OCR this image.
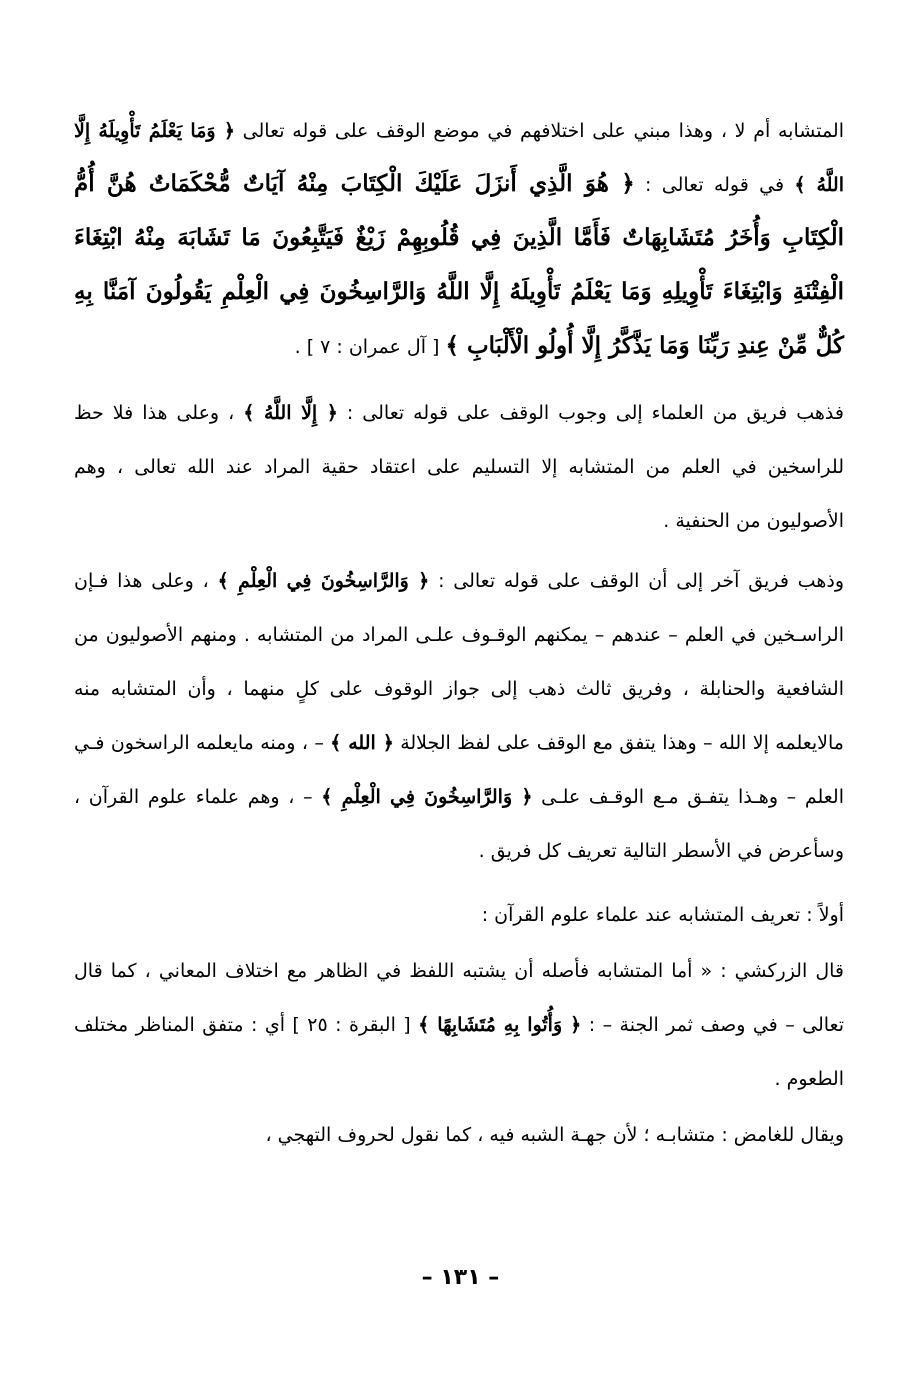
المتشابه أم لا ، وهذا مبني على اختلافهم في موضع الوقف على قوله تعالى ﴿ وَمَا يَعْلَمُ تَأْوِيلَهُ إِلَّا اللَّهُ ﴾ في قوله تعالى : ﴿ هُوَ الَّذِي أَنزَلَ عَلَيْكَ الْكِتَابَ مِنْهُ آيَاتٌ مُّحْكَمَاتٌ هُنَّ أُمُّ الْكِتَابِ وَأُخَرُ مُتَشَابِهَاتٌ فَأَمَّا الَّذِينَ فِي قُلُوبِهِمْ زَيْغٌ فَيَتَّبِعُونَ مَا تَشَابَهَ مِنْهُ ابْتِغَاءَ الْفِتْنَةِ وَابْتِغَاءَ تَأْوِيلِهِ وَمَا يَعْلَمُ تَأْوِيلَهُ إِلَّا اللَّهُ وَالرَّاسِخُونَ فِي الْعِلْمِ يَقُولُونَ آمَنَّا بِهِ كُلٌّ مِّنْ عِندِ رَبِّنَا وَمَا يَذَّكَّرُ إِلَّا أُولُو الْأَلْبَابِ ﴾ [ آل عمران : ٧ ] .

فذهب فريق من العلماء إلى وجوب الوقف على قوله تعالى : ﴿ إِلَّا اللَّهُ ﴾ ، وعلى هذا فلا حظ للراسخين في العلم من المتشابه إلا التسليم على اعتقاد حقية المراد عند الله تعالى ، وهم الأصوليون من الحنفية .

وذهب فريق آخر إلى أن الوقف على قوله تعالى : ﴿ وَالرَّاسِخُونَ فِي الْعِلْمِ ﴾ ، وعلى هذا فـإن الراسـخين في العلم – عندهم – يمكنهم الوقـوف علـى المراد من المتشابه . ومنهم الأصوليون من الشافعية والحنابلة ، وفريق ثالث ذهب إلى جواز الوقوف على كلٍ منهما ، وأن المتشابه منه مالايعلمه إلا الله – وهذا يتفق مع الوقف على لفظ الجلالة ﴿ الله ﴾ – ، ومنه مايعلمه الراسخون فـي العلم – وهـذا يتفـق مـع الوقـف علـى ﴿ وَالرَّاسِخُونَ فِي الْعِلْمِ ﴾ – ، وهم علماء علوم القرآن ، وسأعرض في الأسطر التالية تعريف كل فريق .

أولاً : تعريف المتشابه عند علماء علوم القرآن :

قال الزركشي : « أما المتشابه فأصله أن يشتبه اللفظ في الظاهر مع اختلاف المعاني ، كما قال تعالى – في وصف ثمر الجنة – : ﴿ وَأُتُوا بِهِ مُتَشَابِهًا ﴾ [ البقرة : ٢٥ ] أي : متفق المناظر مختلف الطعوم .

ويقال للغامض : متشابـه ؛ لأن جهـة الشبه فيه ، كما نقول لحروف التهجي ،

– ١٣١ –
